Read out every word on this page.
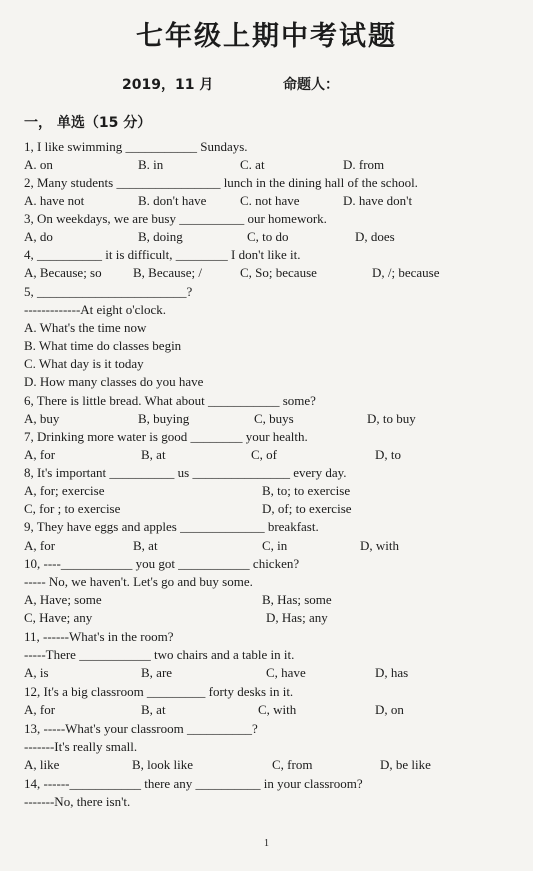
七年级上期中考试题
2019，11 月	命题人：
一， 单选（15 分）
1, I like swimming ___________ Sundays.
A. on	B. in	C. at	D. from
2, Many students ________________ lunch in the dining hall of the school.
A. have not	B. don't have	C. not have	D. have don't
3, On weekdays, we are busy __________ our homework.
A, do	B, doing	C, to do	D, does
4, __________ it is difficult, ________ I don't like it.
A, Because; so B, Because; /	C, So; because	D, /; because
5, _______________________?
-------------At eight o'clock.
A. What's the time now
B. What time do classes begin
C. What day is it today
D. How many classes do you have
6, There is little bread. What about ___________ some?
A, buy	B, buying	C, buys	D, to buy
7, Drinking more water is good ________ your health.
A, for	B, at	C, of	D, to
8, It's important __________ us _______________ every day.
A, for; exercise	B, to; to exercise
C, for ; to exercise	D, of; to exercise
9, They have eggs and apples _____________ breakfast.
A, for	B, at	C, in	D, with
10, ----___________ you got ___________ chicken?
----- No, we haven't. Let's go and buy some.
A, Have; some	B, Has; some
C, Have; any	D, Has; any
11, ------What's in the room?
-----There ___________ two chairs and a table in it.
A, is	B, are	C, have	D, has
12, It's a big classroom _________ forty desks in it.
A, for	B, at	C, with	D, on
13, -----What's your classroom __________?
-------It's really small.
A, like	B, look like	C, from	D, be like
14, ------___________ there any __________ in your classroom?
-------No, there isn't.
1
